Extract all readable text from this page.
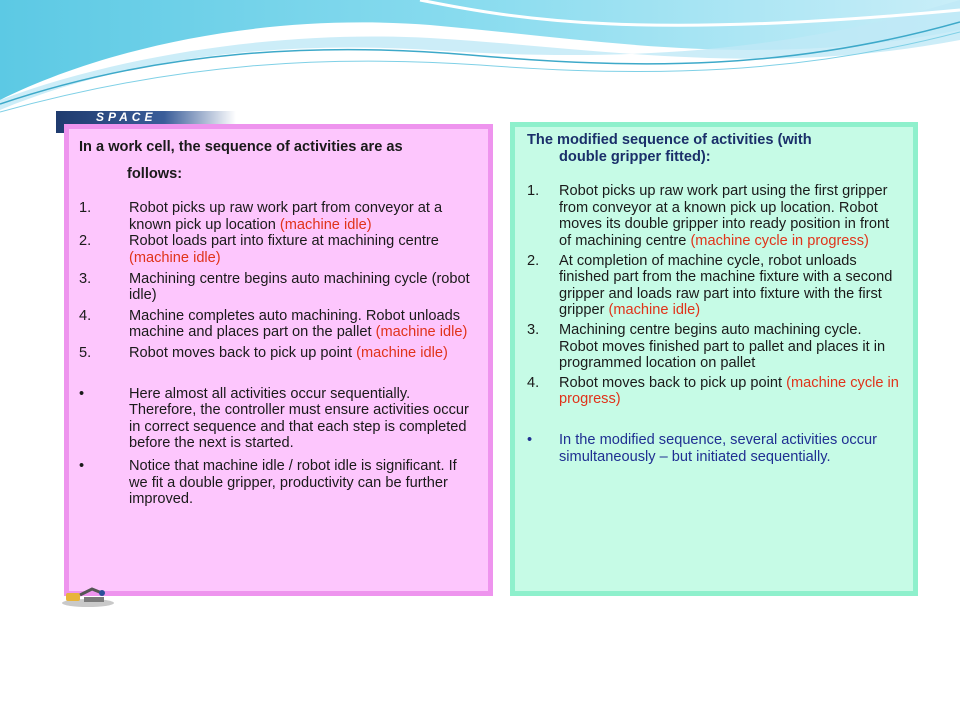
SPACE
In a work cell, the sequence of activities are as
follows:
1.	Robot picks up raw work part from conveyor at a known pick up location (machine idle)
2.	Robot loads part into fixture at machining centre (machine idle)
3.	Machining centre begins auto machining cycle (robot idle)
4.	Machine completes auto machining. Robot unloads machine and places part on the pallet (machine idle)
5.	Robot moves back to pick up point (machine idle)
•	Here almost all activities occur sequentially. Therefore, the controller must ensure activities occur in correct sequence and that each step is completed before the next is started.
•	Notice that machine idle / robot idle is significant. If we fit a double gripper, productivity can be further improved.
The modified sequence of activities (with
double gripper fitted):
1. Robot picks up raw work part using the first gripper from conveyor at a known pick up location. Robot moves its double gripper into ready position in front of machining centre (machine cycle in progress)
2. At completion of machine cycle, robot unloads finished part from the machine fixture with a second gripper and loads raw part into fixture with the first gripper (machine idle)
3. Machining centre begins auto machining cycle. Robot moves finished part to pallet and places it in programmed location on pallet
4. Robot moves back to pick up point (machine cycle in progress)
• In the modified sequence, several activities occur simultaneously – but initiated sequentially.
